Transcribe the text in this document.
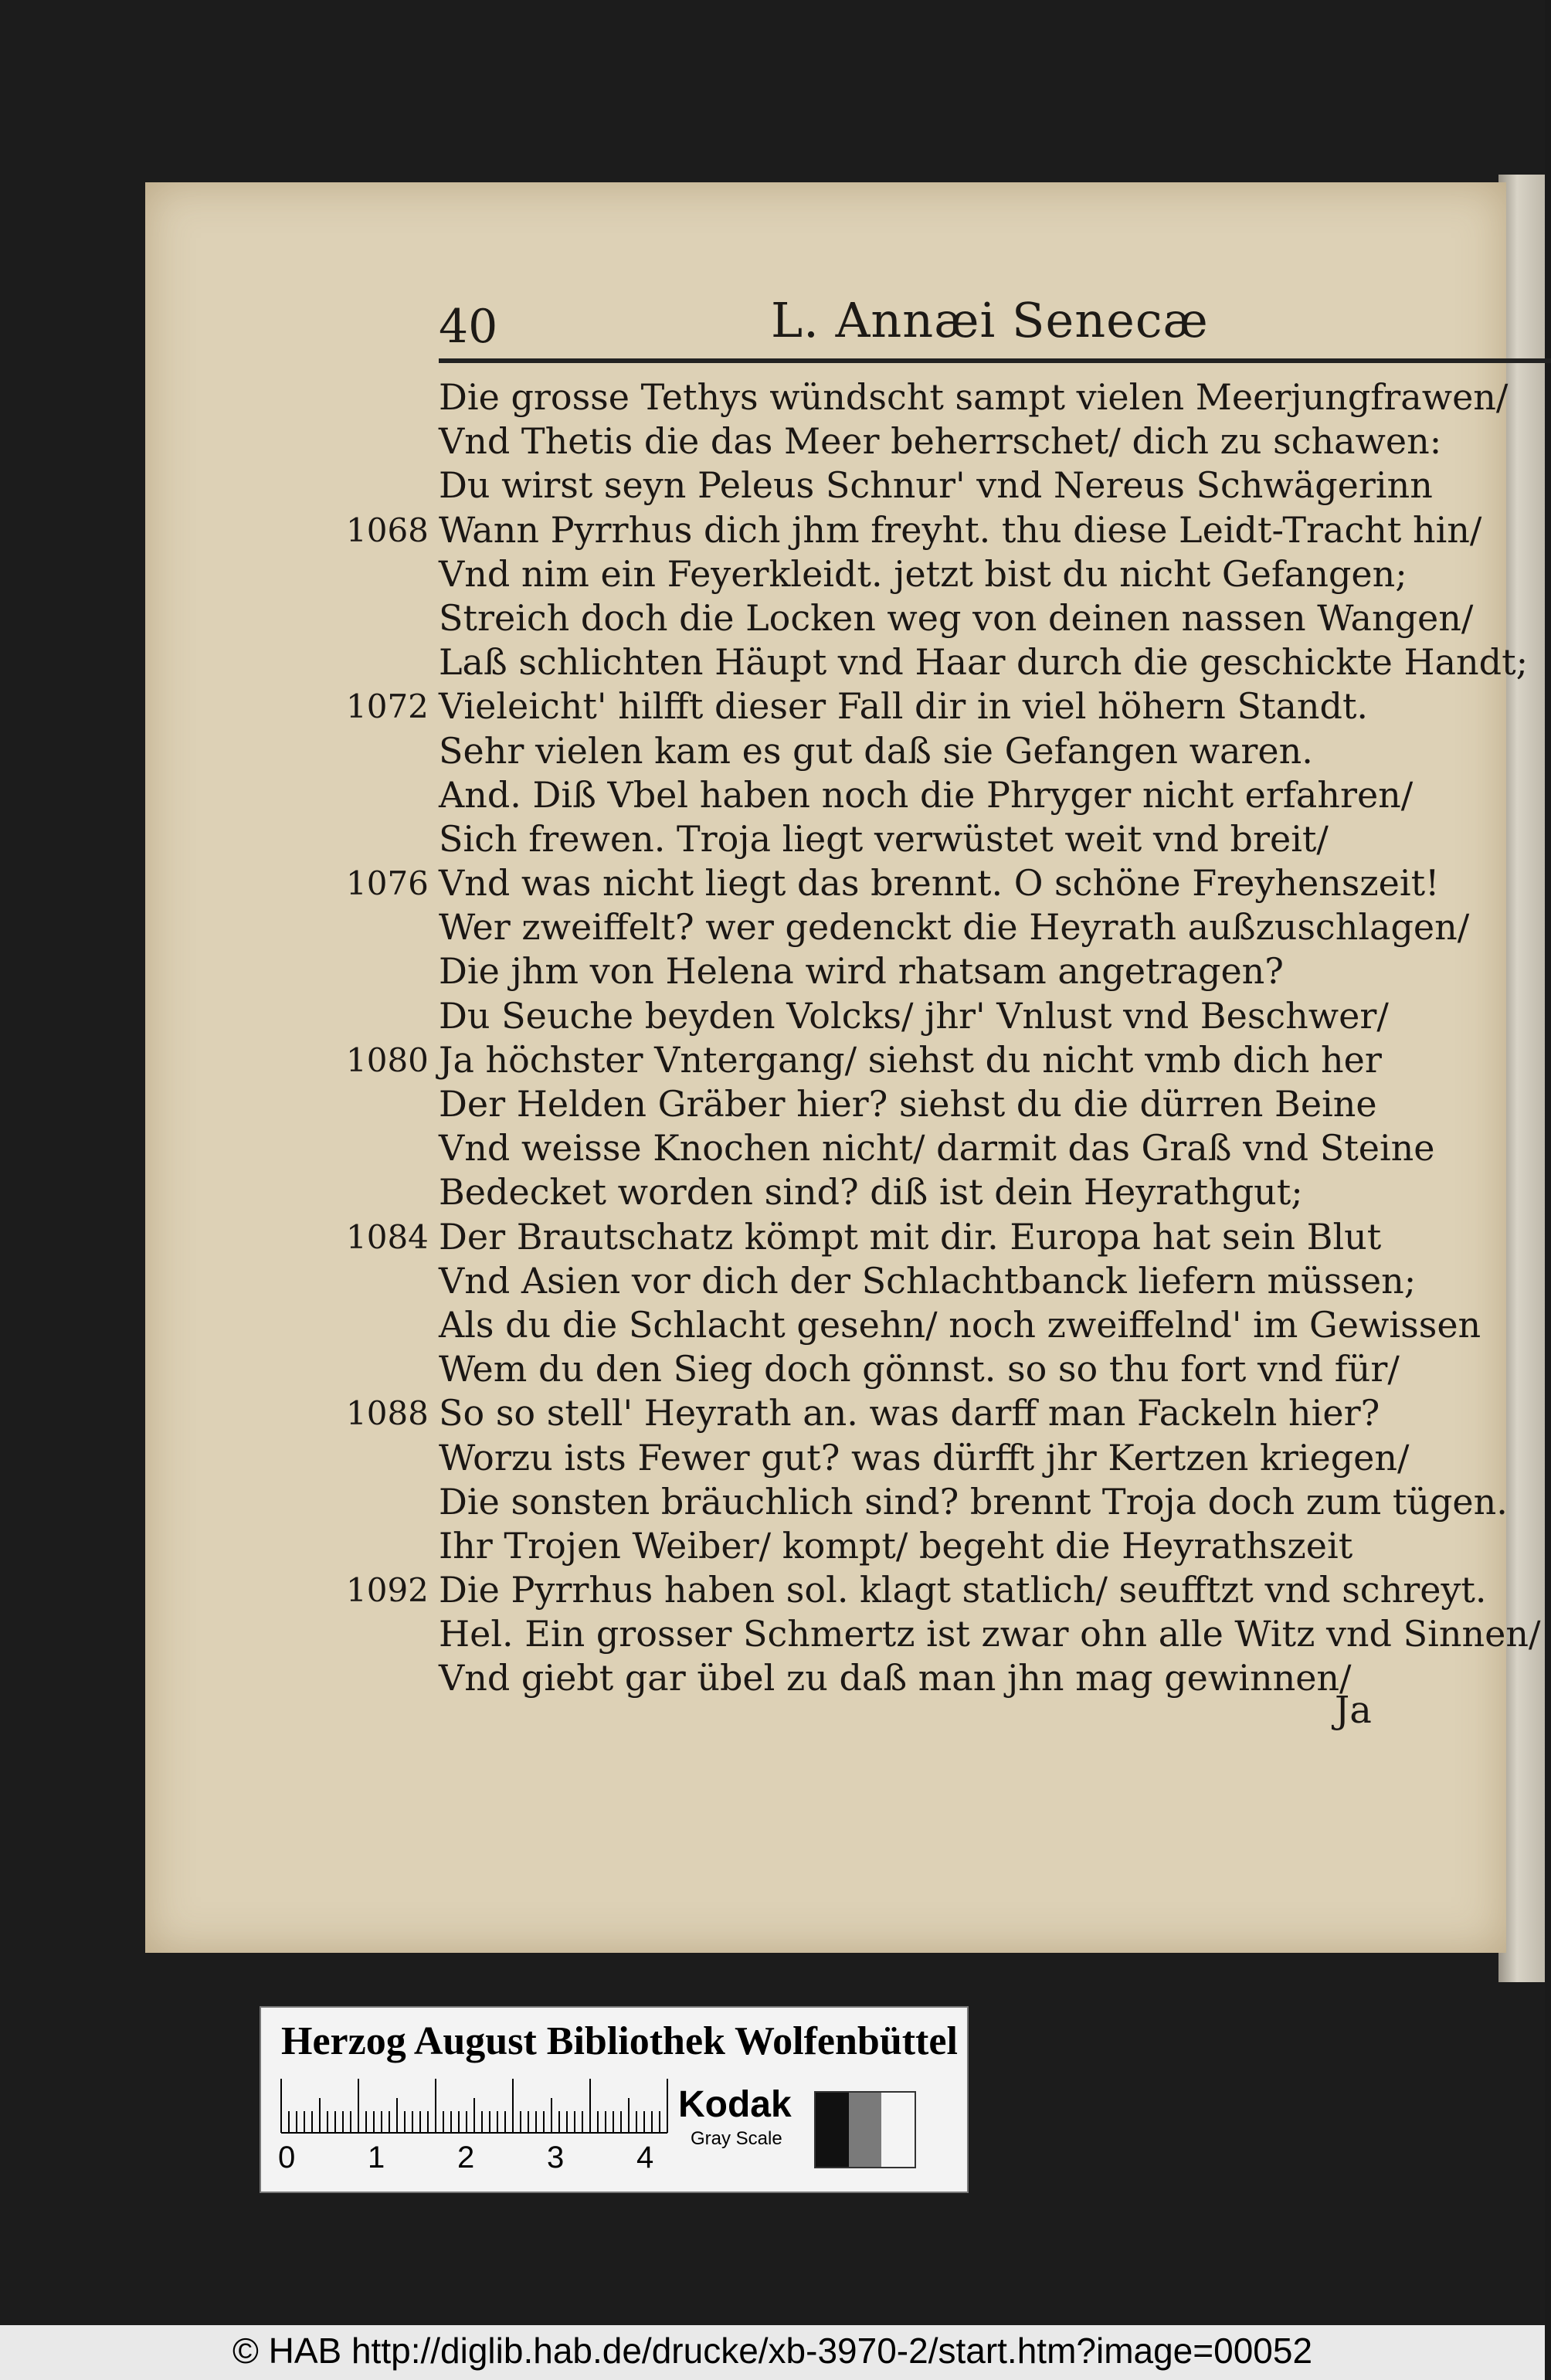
40	L. Annæi Senecæ
Die grosse Tethys wündscht sampt vielen Meerjungfrawen/
Vnd Thetis die das Meer beherrschet/ dich zu schawen:
Du wirst seyn Peleus Schnur' vnd Nereus Schwägerinn
1068 Wann Pyrrhus dich jhm freyht. thu diese Leidt-Tracht hin/
Vnd nim ein Feyerkleidt. jetzt bist du nicht Gefangen;
Streich doch die Locken weg von deinen nassen Wangen/
Laß schlichten Häupt vnd Haar durch die geschickte Handt;
1072 Vieleicht' hilfft dieser Fall dir in viel höhern Standt.
Sehr vielen kam es gut daß sie Gefangen waren.
And. Diß Vbel haben noch die Phryger nicht erfahren/
Sich frewen. Troja liegt verwüstet weit vnd breit/
1076 Vnd was nicht liegt das brennt. O schöne Freyhenszeit!
Wer zweiffelt? wer gedenckt die Heyrath außzuschlagen/
Die jhm von Helena wird rhatsam angetragen?
Du Seuche beyden Volcks/ jhr' Vnlust vnd Beschwer/
1080 Ja höchster Vntergang/ siehst du nicht vmb dich her
Der Helden Gräber hier? siehst du die dürren Beine
Vnd weisse Knochen nicht/ darmit das Graß vnd Steine
Bedecket worden sind? diß ist dein Heyrathgut;
1084 Der Brautschatz kömpt mit dir. Europa hat sein Blut
Vnd Asien vor dich der Schlachtbanck liefern müssen;
Als du die Schlacht gesehn/ noch zweiffelnd' im Gewissen
Wem du den Sieg doch gönnst. so so thu fort vnd für/
1088 So so stell' Heyrath an. was darff man Fackeln hier?
Worzu ists Fewer gut? was dürfft jhr Kertzen kriegen/
Die sonsten bräuchlich sind? brennt Troja doch zum tügen.
Ihr Trojen Weiber/ kompt/ begeht die Heyrathszeit
1092 Die Pyrrhus haben sol. klagt statlich/ seufftzt vnd schreyt.
Hel. Ein grosser Schmertz ist zwar ohn alle Witz vnd Sinnen/
Vnd giebt gar übel zu daß man jhn mag gewinnen/
Ja
Herzog August Bibliothek Wolfenbüttel
0 1 2 3 4
Kodak
Gray Scale
© HAB http://diglib.hab.de/drucke/xb-3970-2/start.htm?image=00052
